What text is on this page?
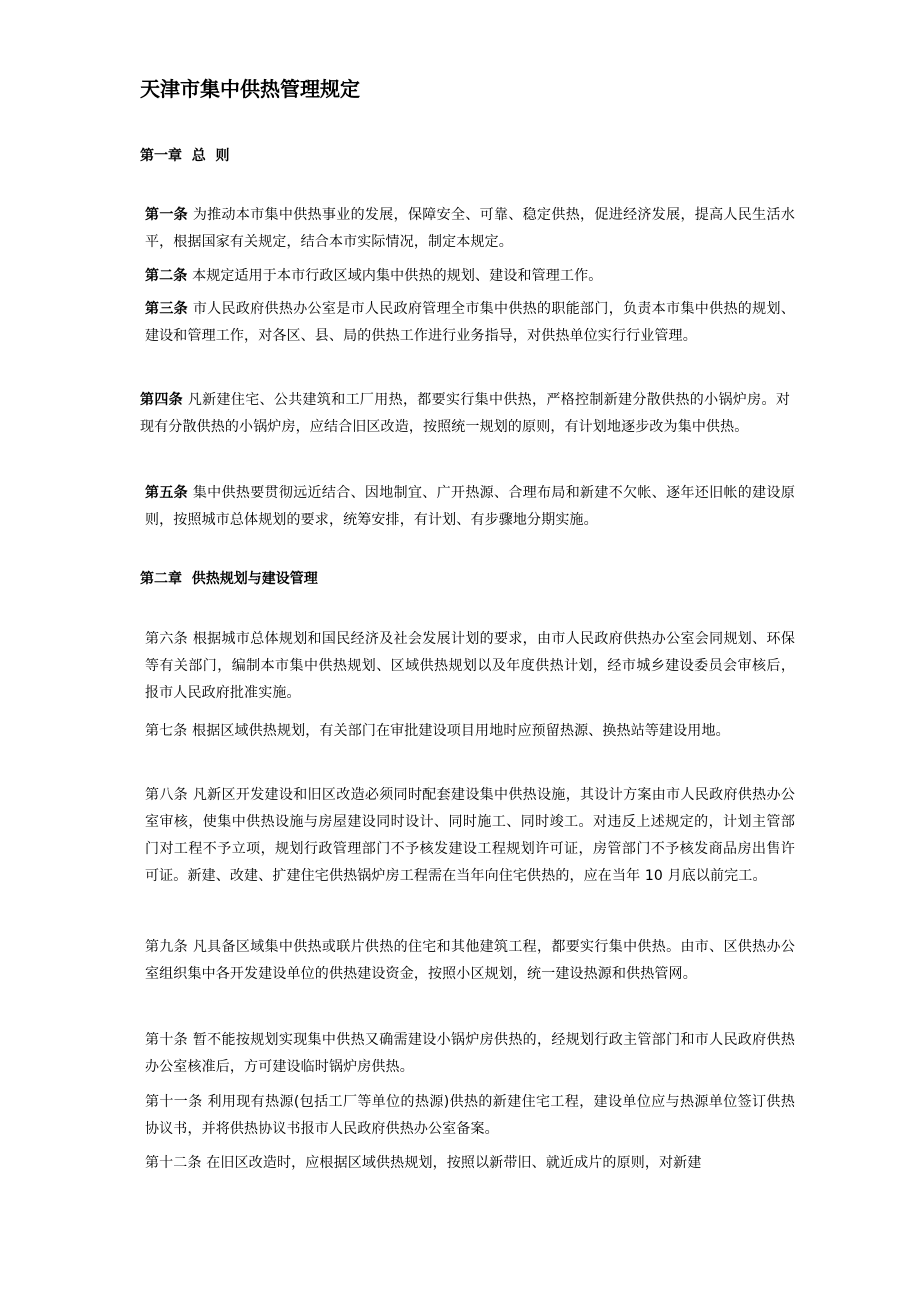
天津市集中供热管理规定
第一章  总  则

第一条 为推动本市集中供热事业的发展，保障安全、可靠、稳定供热，促进经济发展，提高人民生活水平，根据国家有关规定，结合本市实际情况，制定本规定。

第二条 本规定适用于本市行政区域内集中供热的规划、建设和管理工作。

第三条 市人民政府供热办公室是市人民政府管理全市集中供热的职能部门，负责本市集中供热的规划、建设和管理工作，对各区、县、局的供热工作进行业务指导，对供热单位实行行业管理。

第四条 凡新建住宅、公共建筑和工厂用热，都要实行集中供热，严格控制新建分散供热的小锅炉房。对现有分散供热的小锅炉房，应结合旧区改造，按照统一规划的原则，有计划地逐步改为集中供热。

第五条 集中供热要贯彻远近结合、因地制宜、广开热源、合理布局和新建不欠帐、逐年还旧帐的建设原则，按照城市总体规划的要求，统筹安排，有计划、有步骤地分期实施。

第二章  供热规划与建设管理

第六条 根据城市总体规划和国民经济及社会发展计划的要求，由市人民政府供热办公室会同规划、环保等有关部门，编制本市集中供热规划、区域供热规划以及年度供热计划，经市城乡建设委员会审核后，报市人民政府批准实施。

第七条 根据区域供热规划，有关部门在审批建设项目用地时应预留热源、换热站等建设用地。

第八条 凡新区开发建设和旧区改造必须同时配套建设集中供热设施，其设计方案由市人民政府供热办公室审核，使集中供热设施与房屋建设同时设计、同时施工、同时竣工。对违反上述规定的，计划主管部门对工程不予立项，规划行政管理部门不予核发建设工程规划许可证，房管部门不予核发商品房出售许可证。新建、改建、扩建住宅供热锅炉房工程需在当年向住宅供热的，应在当年 10 月底以前完工。

第九条 凡具备区域集中供热或联片供热的住宅和其他建筑工程，都要实行集中供热。由市、区供热办公室组织集中各开发建设单位的供热建设资金，按照小区规划，统一建设热源和供热管网。

第十条 暂不能按规划实现集中供热又确需建设小锅炉房供热的，经规划行政主管部门和市人民政府供热办公室核准后，方可建设临时锅炉房供热。

第十一条 利用现有热源(包括工厂等单位的热源)供热的新建住宅工程，建设单位应与热源单位签订供热协议书，并将供热协议书报市人民政府供热办公室备案。

第十二条 在旧区改造时，应根据区域供热规划，按照以新带旧、就近成片的原则，对新建
